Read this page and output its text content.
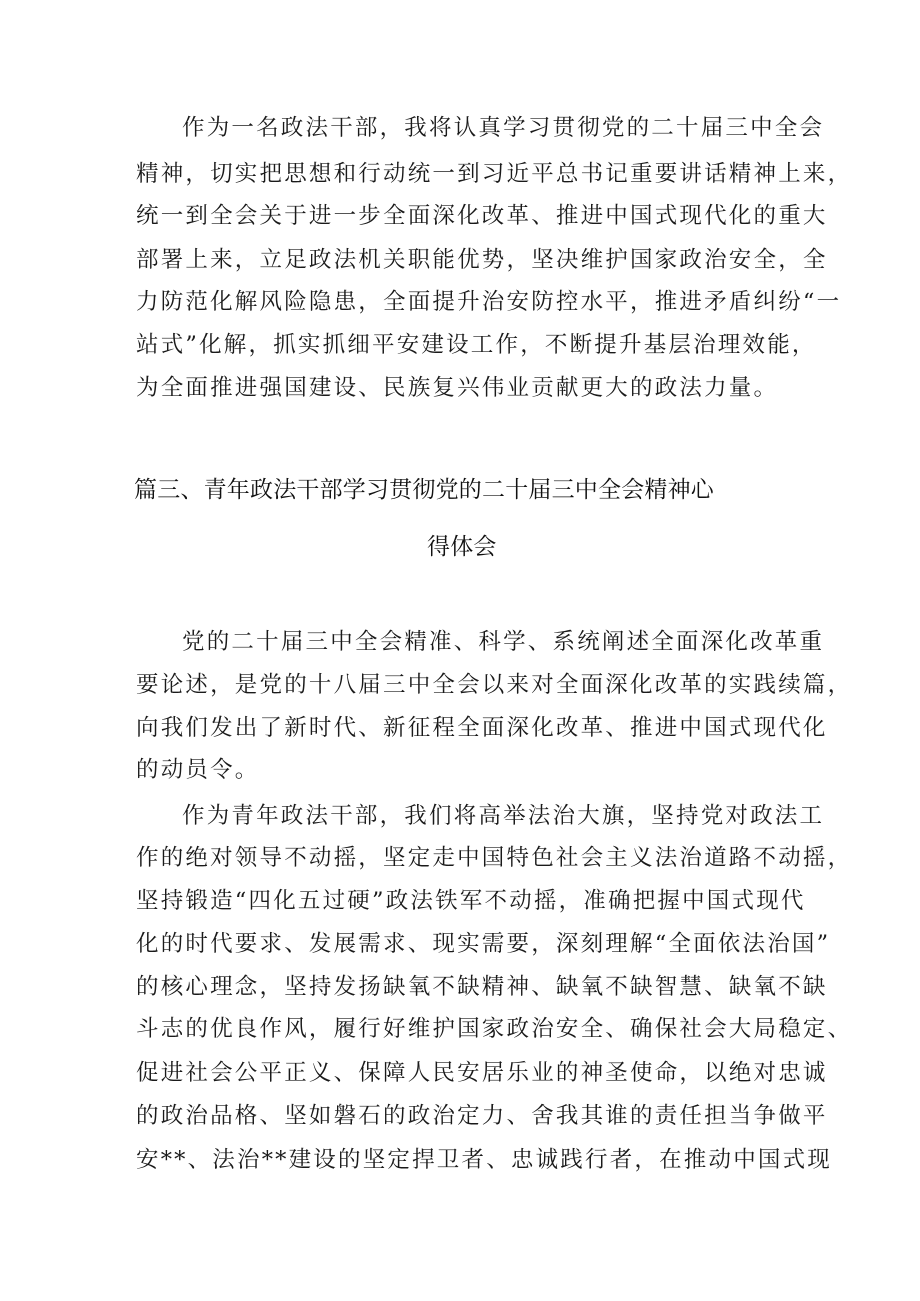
作为一名政法干部，我将认真学习贯彻党的二十届三中全会
精神，切实把思想和行动统一到习近平总书记重要讲话精神上来，
统一到全会关于进一步全面深化改革、推进中国式现代化的重大
部署上来，立足政法机关职能优势，坚决维护国家政治安全，全
力防范化解风险隐患，全面提升治安防控水平，推进矛盾纠纷“一
站式”化解，抓实抓细平安建设工作，不断提升基层治理效能，
为全面推进强国建设、民族复兴伟业贡献更大的政法力量。
篇三、青年政法干部学习贯彻党的二十届三中全会精神心
得体会
党的二十届三中全会精准、科学、系统阐述全面深化改革重
要论述，是党的十八届三中全会以来对全面深化改革的实践续篇，
向我们发出了新时代、新征程全面深化改革、推进中国式现代化
的动员令。
作为青年政法干部，我们将高举法治大旗，坚持党对政法工
作的绝对领导不动摇，坚定走中国特色社会主义法治道路不动摇，
坚持锻造“四化五过硬”政法铁军不动摇，准确把握中国式现代
化的时代要求、发展需求、现实需要，深刻理解“全面依法治国”
的核心理念，坚持发扬缺氧不缺精神、缺氧不缺智慧、缺氧不缺
斗志的优良作风，履行好维护国家政治安全、确保社会大局稳定、
促进社会公平正义、保障人民安居乐业的神圣使命，以绝对忠诚
的政治品格、坚如磐石的政治定力、舍我其谁的责任担当争做平
安**、法治**建设的坚定捍卫者、忠诚践行者，在推动中国式现
